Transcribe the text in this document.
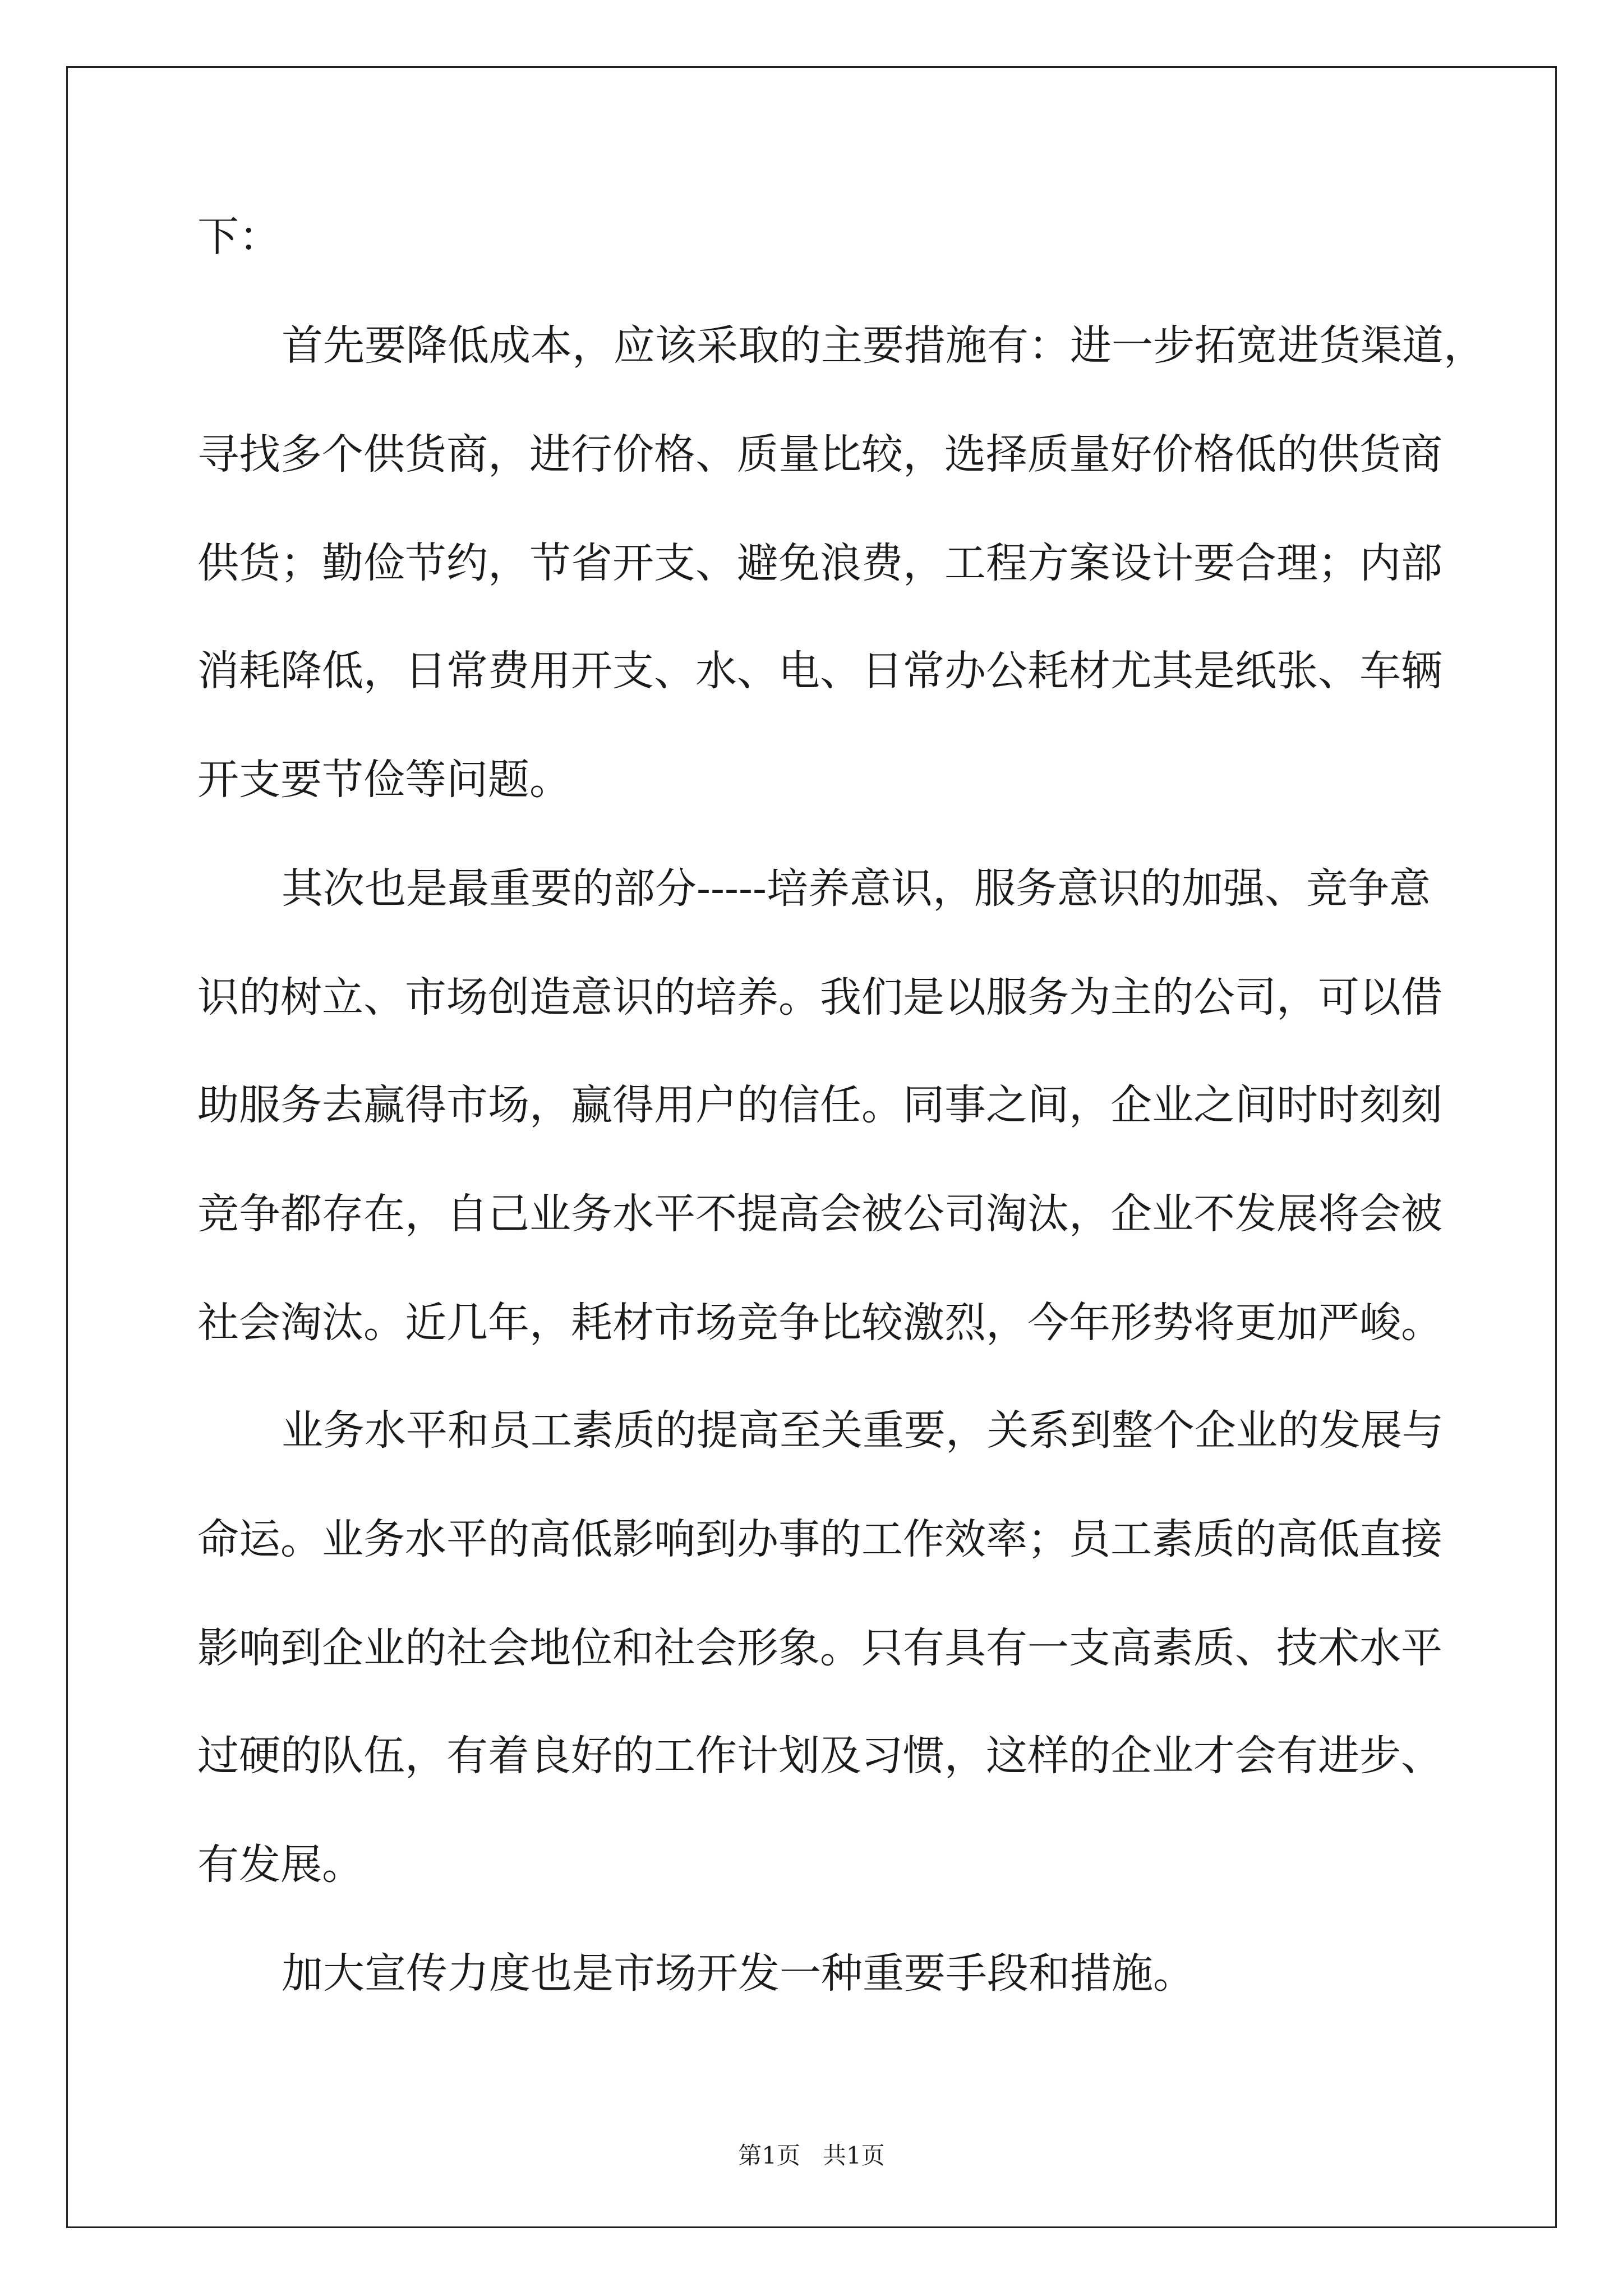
下：

首先要降低成本，应该采取的主要措施有：进一步拓宽进货渠道，

寻找多个供货商，进行价格、质量比较，选择质量好价格低的供货商

供货；勤俭节约，节省开支、避免浪费，工程方案设计要合理；内部

消耗降低，日常费用开支、水、电、日常办公耗材尤其是纸张、车辆

开支要节俭等问题。

其次也是最重要的部分-----培养意识，服务意识的加强、竞争意

识的树立、市场创造意识的培养。我们是以服务为主的公司，可以借

助服务去赢得市场，赢得用户的信任。同事之间，企业之间时时刻刻

竞争都存在，自己业务水平不提高会被公司淘汰，企业不发展将会被

社会淘汰。近几年，耗材市场竞争比较激烈，今年形势将更加严峻。

业务水平和员工素质的提高至关重要，关系到整个企业的发展与

命运。业务水平的高低影响到办事的工作效率；员工素质的高低直接

影响到企业的社会地位和社会形象。只有具有一支高素质、技术水平

过硬的队伍，有着良好的工作计划及习惯，这样的企业才会有进步、

有发展。

加大宣传力度也是市场开发一种重要手段和措施。

第1页   共1页
